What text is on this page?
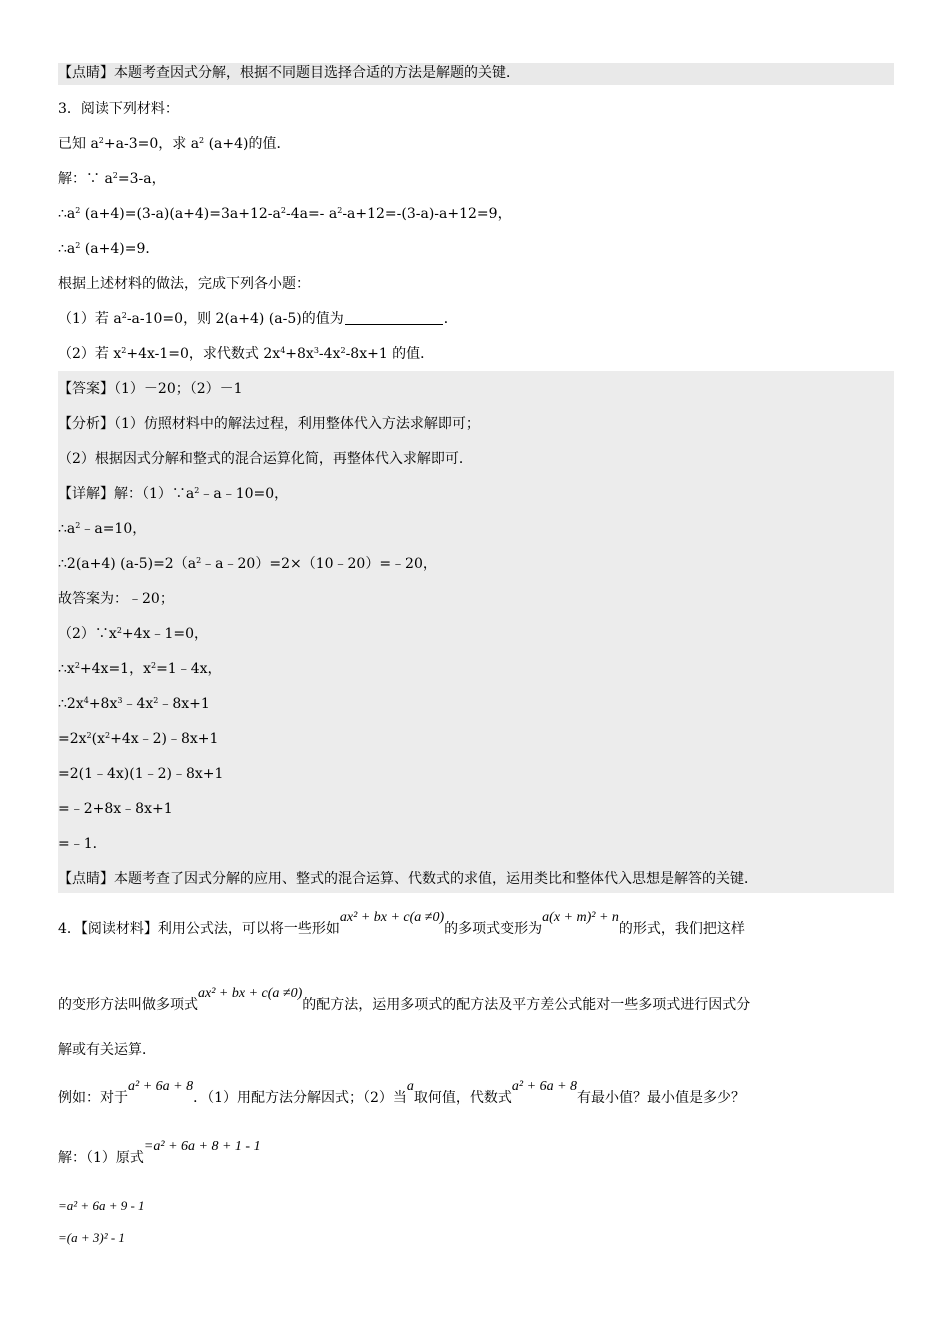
【点睛】本题考查因式分解，根据不同题目选择合适的方法是解题的关键．
3．阅读下列材料：
已知 $a^2+a-3=0$，求 $a^2$ (a+4)的值．
解：∵ $a^2=3-a$，
$\therefore a^2$ $(a+4)=(3-a)(a+4)=3a+12-a^2-4a=-$ $a^2-a+12=-(3-a)-a+12=9$，
$\therefore a^2$ (a+4)=9．
根据上述材料的做法，完成下列各小题：
（1）若 $a^2-a-10=0$，则 2(a+4) (a-5)的值为	．
（2）若 $x^2+4x-1=0$，求代数式 $2x^4+8x^3-4x^2-8x+1$ 的值．
【答案】（1）－20；（2）－1
【分析】（1）仿照材料中的解法过程，利用整体代入方法求解即可；
（2）根据因式分解和整式的混合运算化简，再整体代入求解即可．
【详解】解：$(1)\because a^2﹣a﹣10=0$，
$\therefore a^2﹣a=10$，
∴2(a+4) $(a-5)=2(a^2﹣a﹣20)=2\times(10﹣20)=﹣20$，
故答案为：﹣20；
$(2)\because x^2+4x﹣1=0$，
$\therefore x^2+4x=1$，$x^2=1﹣4x$，
$\therefore 2x^4+8x^3﹣4x^2﹣8x+1$
$=2x^2(x^2+4x﹣2)﹣8x+1$
=2(1﹣4x)(1﹣2)﹣8x+1
=﹣2+8x﹣8x+1
=﹣1．
【点睛】本题考查了因式分解的应用、整式的混合运算、代数式的求值，运用类比和整体代入思想是解答的关键．
4．【阅读材料】利用公式法，可以将一些形如ax² + bx + c(a ≠0)的多项式变形为a(x + m)² + n的形式，我们把这样
的变形方法叫做多项式ax² + bx + c(a ≠0)的配方法，运用多项式的配方法及平方差公式能对一些多项式进行因式分
解或有关运算．
例如：对于a² + 6a + 8．（1）用配方法分解因式；（2）当a取何值，代数式a² + 6a + 8有最小值？最小值是多少？
解：（1）原式=a² + 6a + 8 + 1 - 1
=a² + 6a + 9 - 1
=(a + 3)² - 1
